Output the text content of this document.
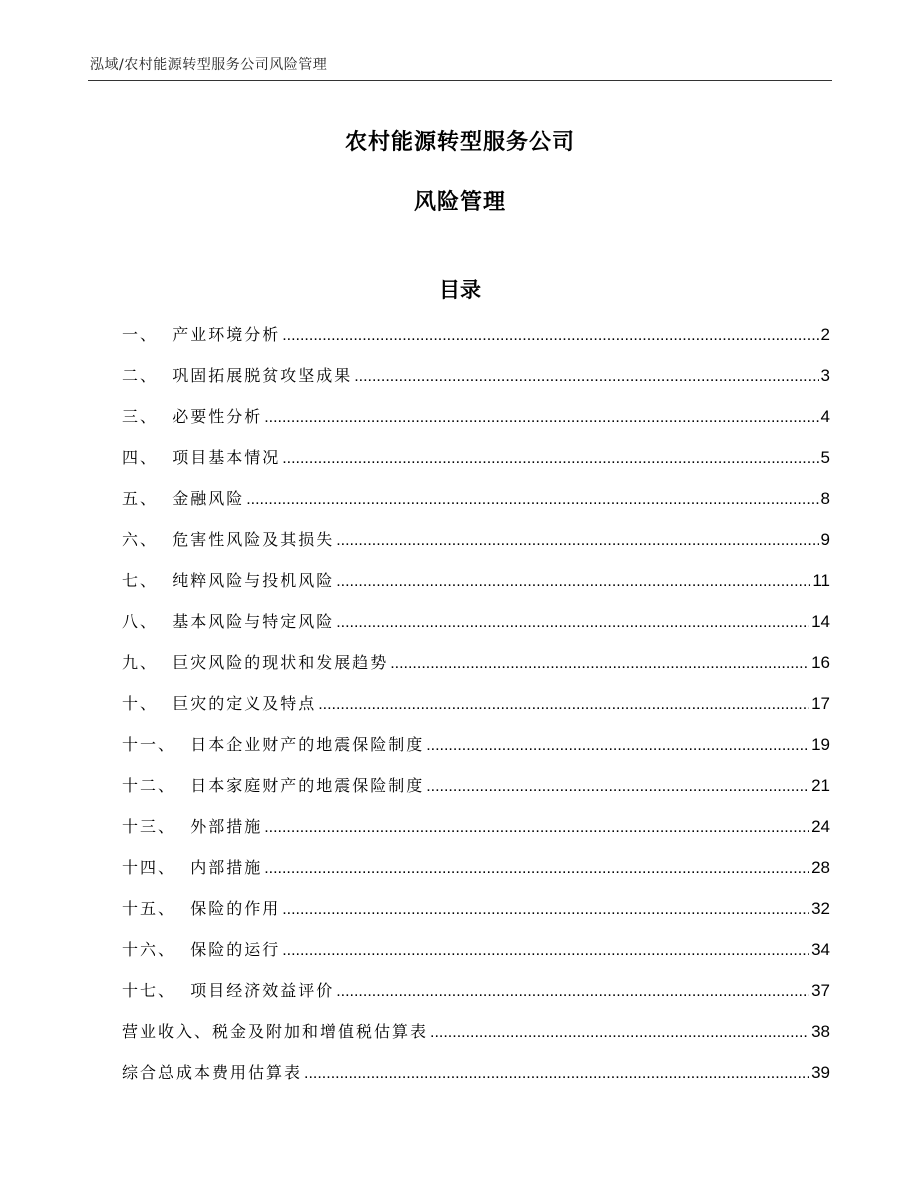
泓域/农村能源转型服务公司风险管理
农村能源转型服务公司
风险管理
目录
一、 产业环境分析 .....	2
二、 巩固拓展脱贫攻坚成果 .....	3
三、 必要性分析 .....	4
四、 项目基本情况 .....	5
五、 金融风险 .....	8
六、 危害性风险及其损失 .....	9
七、 纯粹风险与投机风险 .....	11
八、 基本风险与特定风险 .....	14
九、 巨灾风险的现状和发展趋势 .....	16
十、 巨灾的定义及特点 .....	17
十一、 日本企业财产的地震保险制度 .....	19
十二、 日本家庭财产的地震保险制度 .....	21
十三、 外部措施 .....	24
十四、 内部措施 .....	28
十五、 保险的作用 .....	32
十六、 保险的运行 .....	34
十七、 项目经济效益评价 .....	37
营业收入、税金及附加和增值税估算表 .....	38
综合总成本费用估算表 .....	39
